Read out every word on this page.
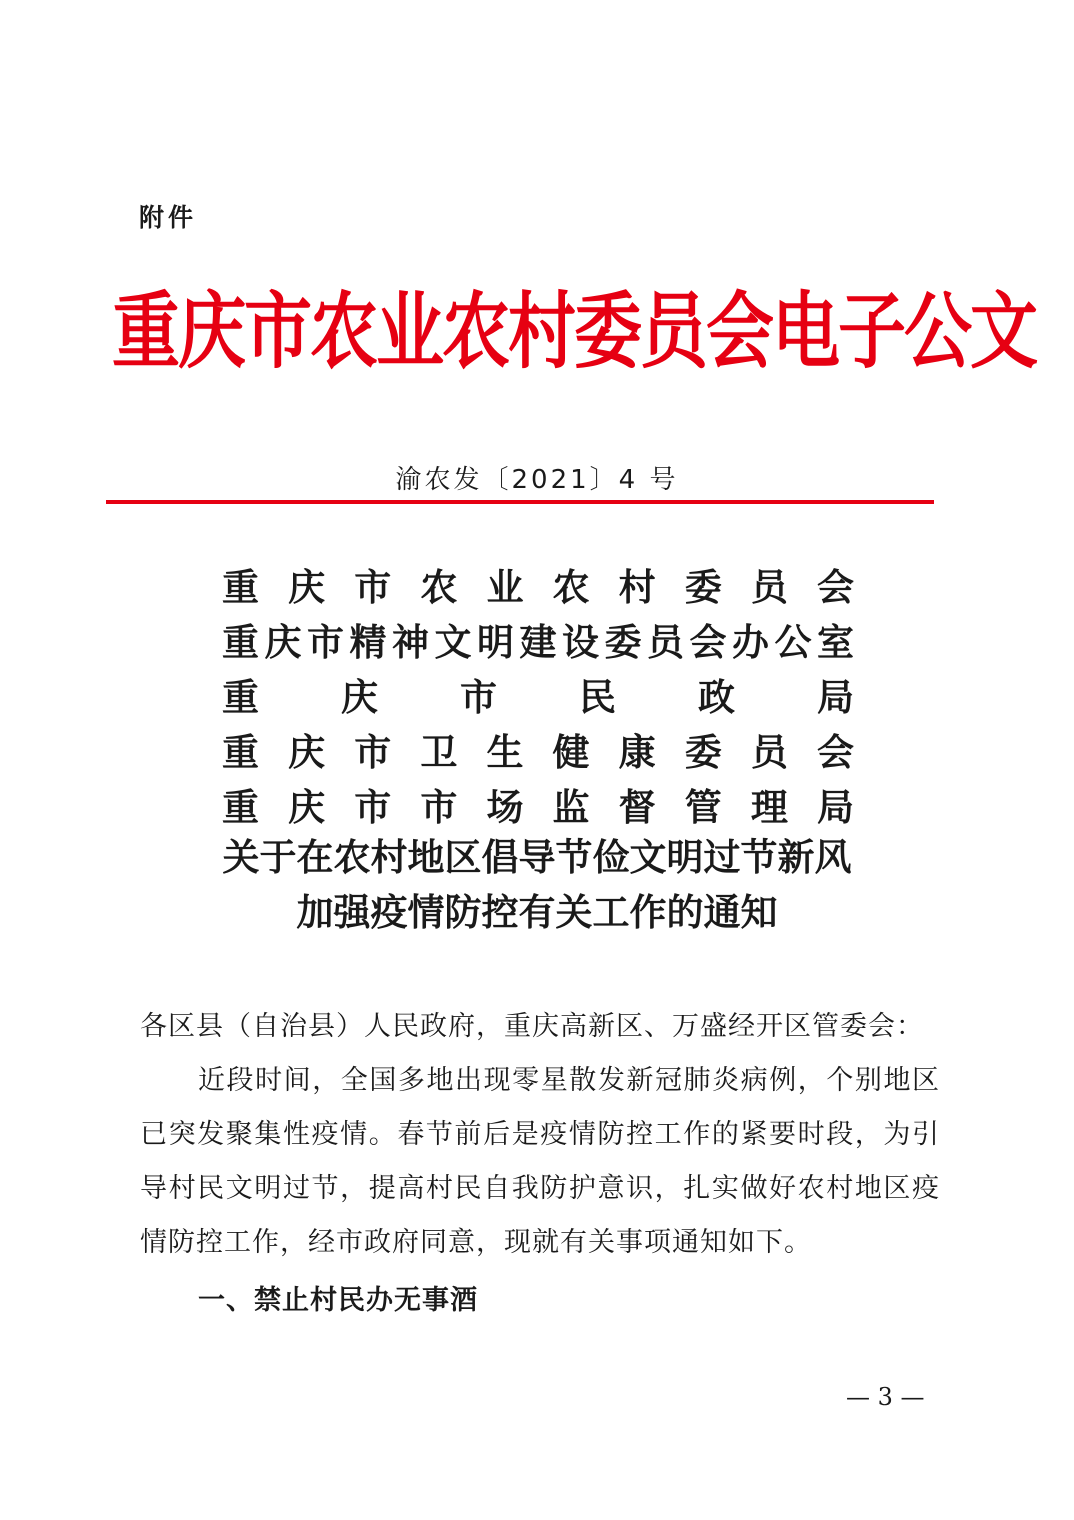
附件
重庆市农业农村委员会电子公文
渝农发〔2021〕4 号
重 庆 市 农 业 农 村 委 员 会
重 庆 市 精 神 文 明 建 设 委 员 会 办 公 室
重 庆 市 民 政 局
重 庆 市 卫 生 健 康 委 员 会
重 庆 市 市 场 监 督 管 理 局
关于在农村地区倡导节俭文明过节新风
加强疫情防控有关工作的通知
各区县（自治县）人民政府，重庆高新区、万盛经开区管委会：
近段时间，全国多地出现零星散发新冠肺炎病例，个别地区
已突发聚集性疫情。春节前后是疫情防控工作的紧要时段，为引
导村民文明过节，提高村民自我防护意识，扎实做好农村地区疫
情防控工作，经市政府同意，现就有关事项通知如下。
一、禁止村民办无事酒
— 3 —
